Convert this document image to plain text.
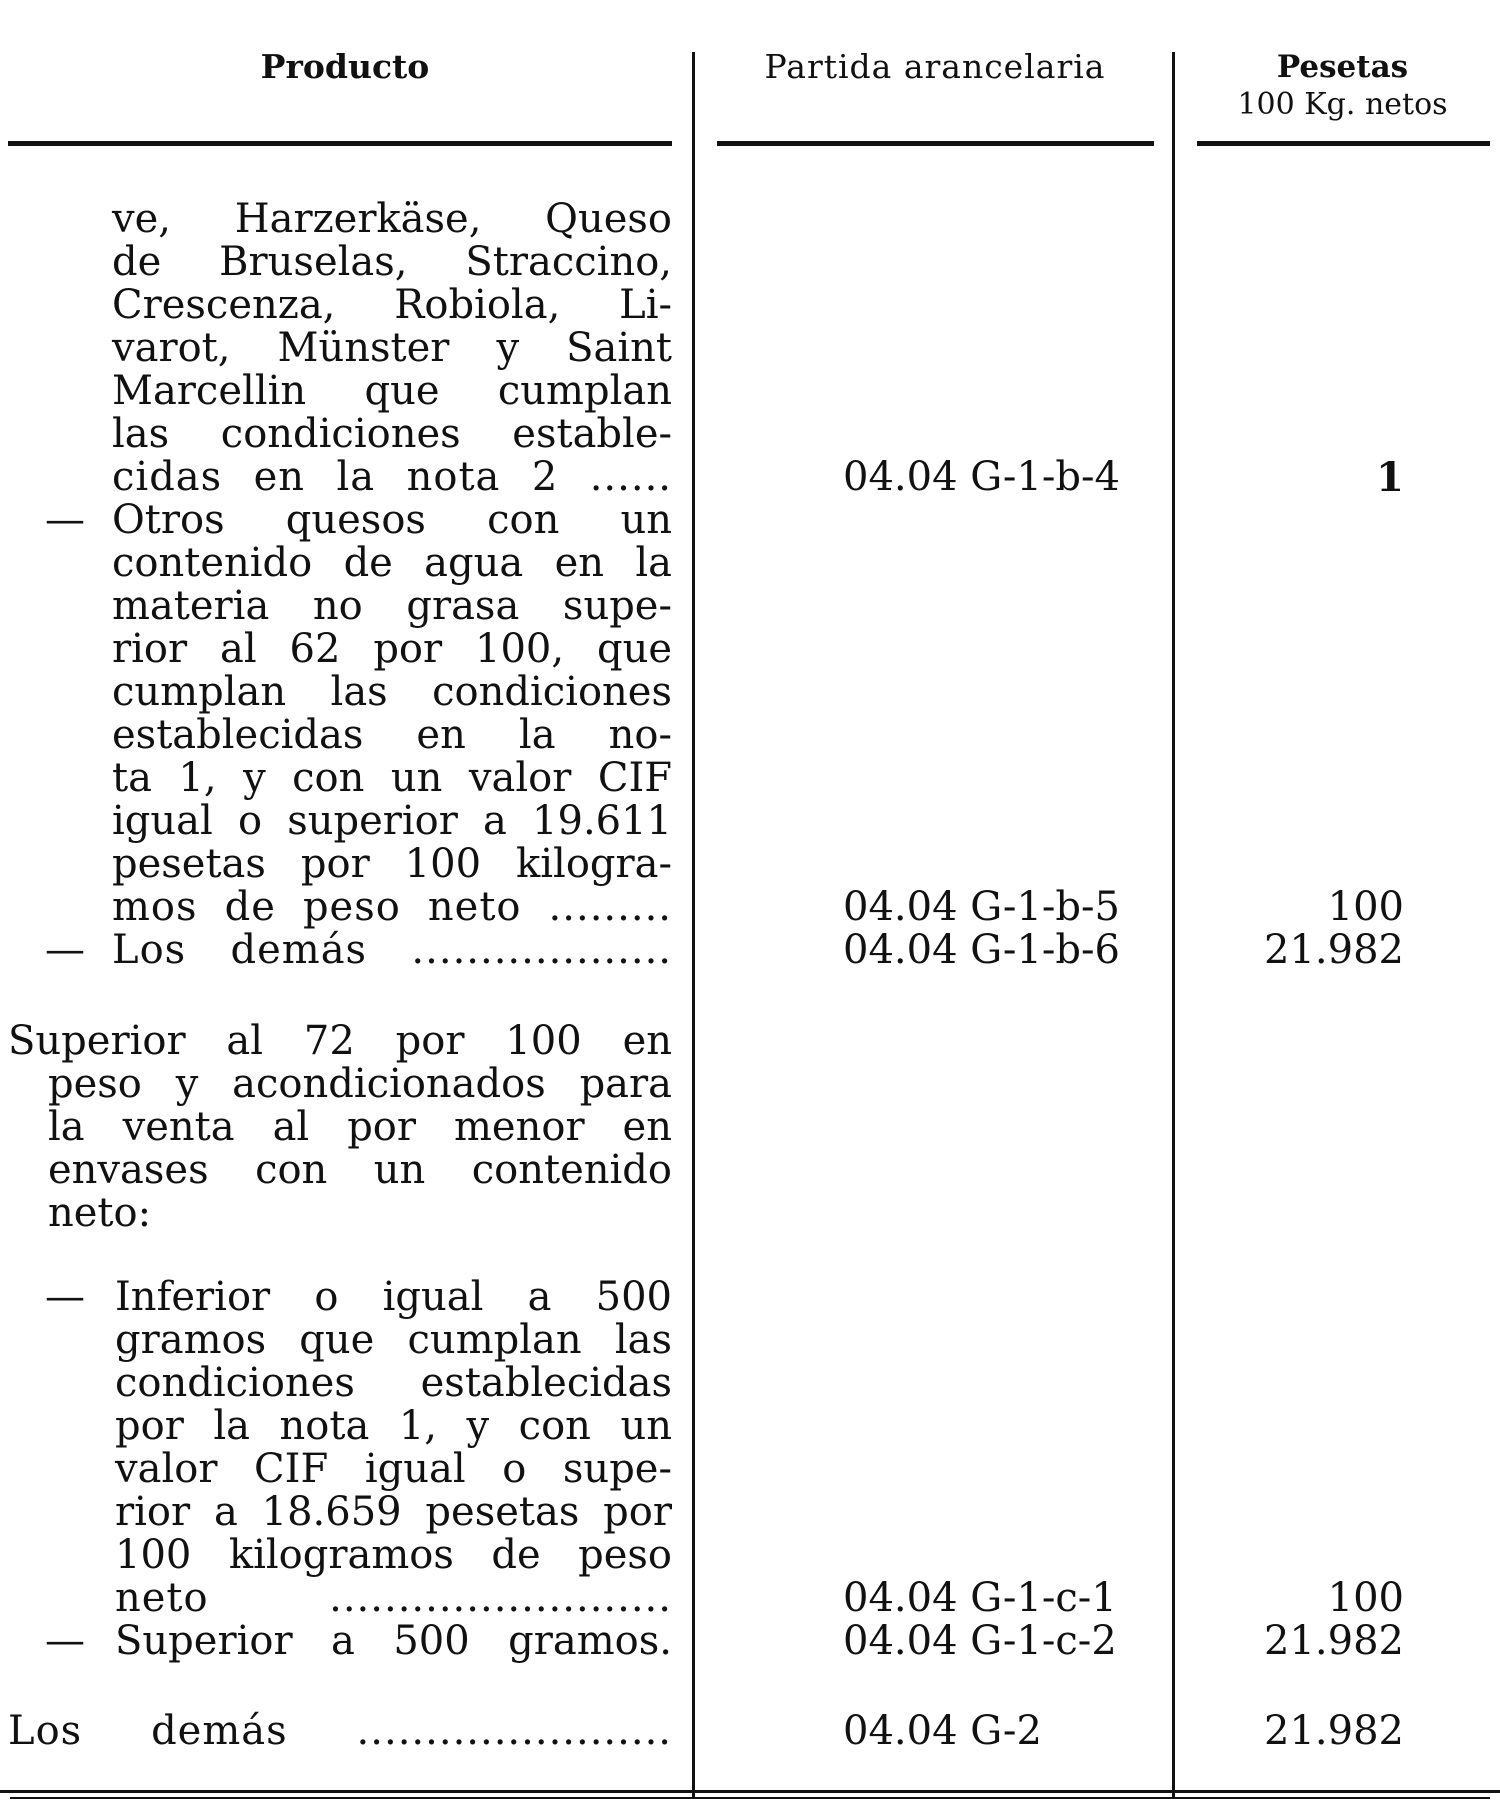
Producto	Partida arancelaria	Pesetas
100 Kg. netos
ve, Harzerkäse, Queso
de Bruselas, Straccino,
Crescenza, Robiola, Li-
varot, Münster y Saint
Marcellin que cumplan
las condiciones estable-
cidas en la nota 2 ......	04.04 G-1-b-4	1
— Otros quesos con un
contenido de agua en la
materia no grasa supe-
rior al 62 por 100, que
cumplan las condiciones
establecidas en la no-
ta 1, y con un valor CIF
igual o superior a 19.611
pesetas por 100 kilogra-
mos de peso neto .........	04.04 G-1-b-5	100
— Los demás ...................	04.04 G-1-b-6	21.982
Superior al 72 por 100 en
peso y acondicionados para
la venta al por menor en
envases con un contenido
neto:
— Inferior o igual a 500
gramos que cumplan las
condiciones establecidas
por la nota 1, y con un
valor CIF igual o supe-
rior a 18.659 pesetas por
100 kilogramos de peso
neto .........................	04.04 G-1-c-1	100
— Superior a 500 gramos.	04.04 G-1-c-2	21.982
Los demás .......................	04.04 G-2	21.982
